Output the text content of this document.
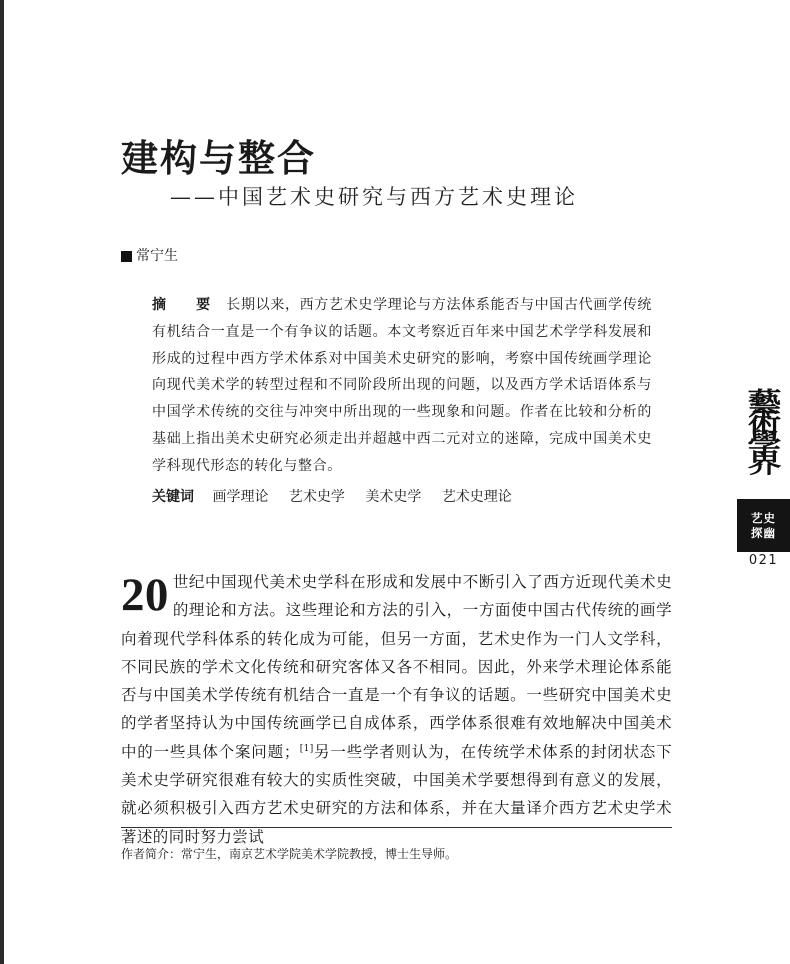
建构与整合
——中国艺术史研究与西方艺术史理论
常宁生

摘　要 长期以来，西方艺术史学理论与方法体系能否与中国古代画学传统有机结合一直是一个有争议的话题。本文考察近百年来中国艺术学学科发展和形成的过程中西方学术体系对中国美术史研究的影响，考察中国传统画学理论向现代美术学的转型过程和不同阶段所出现的问题，以及西方学术话语体系与中国学术传统的交往与冲突中所出现的一些现象和问题。作者在比较和分析的基础上指出美术史研究必须走出并超越中西二元对立的迷障，完成中国美术史学科现代形态的转化与整合。

关键词 画学理论 艺术史学 美术史学 艺术史理论
藝術學界
艺史
探幽
021

20 世纪中国现代美术史学科在形成和发展中不断引入了西方近现代美术史的理论和方法。这些理论和方法的引入，一方面使中国古代传统的画学向着现代学科体系的转化成为可能，但另一方面，艺术史作为一门人文学科，不同民族的学术文化传统和研究客体又各不相同。因此，外来学术理论体系能否与中国美术学传统有机结合一直是一个有争议的话题。一些研究中国美术史的学者坚持认为中国传统画学已自成体系，西学体系很难有效地解决中国美术中的一些具体个案问题；[1]另一些学者则认为，在传统学术体系的封闭状态下美术史学研究很难有较大的实质性突破，中国美术学要想得到有意义的发展，就必须积极引入西方艺术史研究的方法和体系，并在大量译介西方艺术史学术著述的同时努力尝试

作者简介：常宁生，南京艺术学院美术学院教授，博士生导师。
